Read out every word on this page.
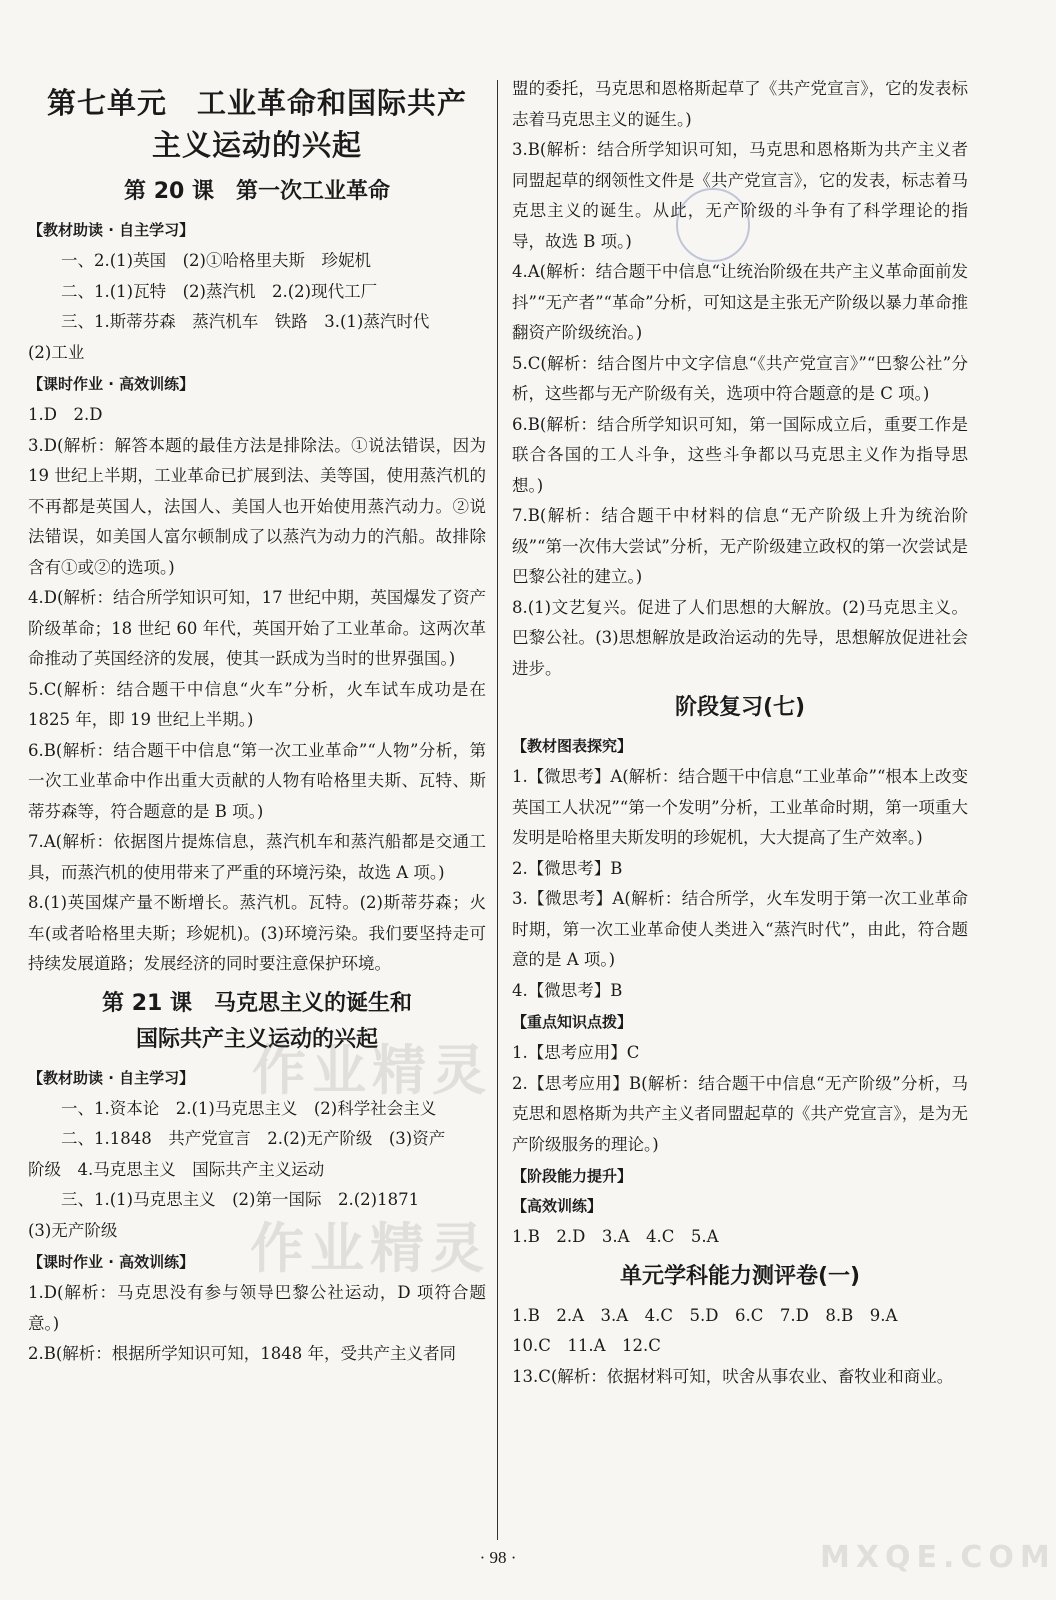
第七单元　工业革命和国际共产
主义运动的兴起
第 20 课　第一次工业革命
【教材助读 · 自主学习】

一、2.(1)英国　(2)①哈格里夫斯　珍妮机

二、1.(1)瓦特　(2)蒸汽机　2.(2)现代工厂

三、1.斯蒂芬森　蒸汽机车　铁路　3.(1)蒸汽时代

(2)工业

【课时作业 · 高效训练】

1.D　2.D

3.D(解析：解答本题的最佳方法是排除法。①说法错误，因为 19 世纪上半期，工业革命已扩展到法、美等国，使用蒸汽机的不再都是英国人，法国人、美国人也开始使用蒸汽动力。②说法错误，如美国人富尔顿制成了以蒸汽为动力的汽船。故排除含有①或②的选项。)

4.D(解析：结合所学知识可知，17 世纪中期，英国爆发了资产阶级革命；18 世纪 60 年代，英国开始了工业革命。这两次革命推动了英国经济的发展，使其一跃成为当时的世界强国。)

5.C(解析：结合题干中信息“火车”分析，火车试车成功是在 1825 年，即 19 世纪上半期。)

6.B(解析：结合题干中信息“第一次工业革命”“人物”分析，第一次工业革命中作出重大贡献的人物有哈格里夫斯、瓦特、斯蒂芬森等，符合题意的是 B 项。)

7.A(解析：依据图片提炼信息，蒸汽机车和蒸汽船都是交通工具，而蒸汽机的使用带来了严重的环境污染，故选 A 项。)

8.(1)英国煤产量不断增长。蒸汽机。瓦特。(2)斯蒂芬森；火车(或者哈格里夫斯；珍妮机)。(3)环境污染。我们要坚持走可持续发展道路；发展经济的同时要注意保护环境。

第 21 课　马克思主义的诞生和
国际共产主义运动的兴起
【教材助读 · 自主学习】

一、1.资本论　2.(1)马克思主义　(2)科学社会主义

二、1.1848　共产党宣言　2.(2)无产阶级　(3)资产

阶级　4.马克思主义　国际共产主义运动

三、1.(1)马克思主义　(2)第一国际　2.(2)1871

(3)无产阶级

【课时作业 · 高效训练】

1.D(解析：马克思没有参与领导巴黎公社运动，D 项符合题意。)

2.B(解析：根据所学知识可知，1848 年，受共产主义者同

盟的委托，马克思和恩格斯起草了《共产党宣言》，它的发表标志着马克思主义的诞生。)

3.B(解析：结合所学知识可知，马克思和恩格斯为共产主义者同盟起草的纲领性文件是《共产党宣言》，它的发表，标志着马克思主义的诞生。从此，无产阶级的斗争有了科学理论的指导，故选 B 项。)

4.A(解析：结合题干中信息“让统治阶级在共产主义革命面前发抖”“无产者”“革命”分析，可知这是主张无产阶级以暴力革命推翻资产阶级统治。)

5.C(解析：结合图片中文字信息“《共产党宣言》”“巴黎公社”分析，这些都与无产阶级有关，选项中符合题意的是 C 项。)

6.B(解析：结合所学知识可知，第一国际成立后，重要工作是联合各国的工人斗争，这些斗争都以马克思主义作为指导思想。)

7.B(解析：结合题干中材料的信息“无产阶级上升为统治阶级”“第一次伟大尝试”分析，无产阶级建立政权的第一次尝试是巴黎公社的建立。)

8.(1)文艺复兴。促进了人们思想的大解放。(2)马克思主义。巴黎公社。(3)思想解放是政治运动的先导，思想解放促进社会进步。

阶段复习(七)
【教材图表探究】

1.【微思考】A(解析：结合题干中信息“工业革命”“根本上改变英国工人状况”“第一个发明”分析，工业革命时期，第一项重大发明是哈格里夫斯发明的珍妮机，大大提高了生产效率。)

2.【微思考】B

3.【微思考】A(解析：结合所学，火车发明于第一次工业革命时期，第一次工业革命使人类进入“蒸汽时代”，由此，符合题意的是 A 项。)

4.【微思考】B

【重点知识点拨】

1.【思考应用】C

2.【思考应用】B(解析：结合题干中信息“无产阶级”分析，马克思和恩格斯为共产主义者同盟起草的《共产党宣言》，是为无产阶级服务的理论。)

【阶段能力提升】
【高效训练】

1.B　2.D　3.A　4.C　5.A

单元学科能力测评卷(一)

1.B　2.A　3.A　4.C　5.D　6.C　7.D　8.B　9.A

10.C　11.A　12.C

13.C(解析：依据材料可知，吠舍从事农业、畜牧业和商业。

作业精灵
作业精灵
MXQE.COM
· 98 ·
